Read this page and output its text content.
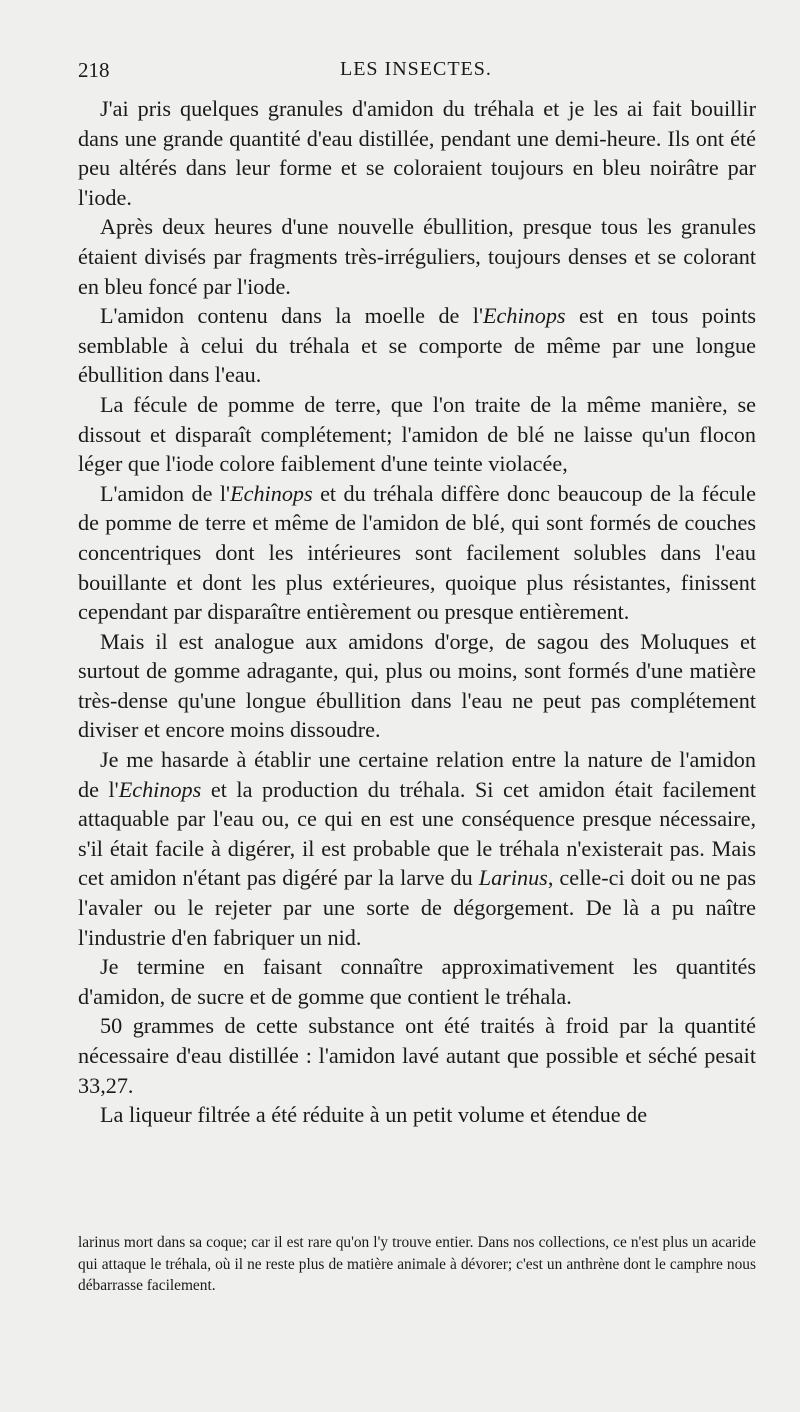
218	LES INSECTES.

J'ai pris quelques granules d'amidon du tréhala et je les ai fait bouillir dans une grande quantité d'eau distillée, pendant une demi-heure. Ils ont été peu altérés dans leur forme et se coloraient toujours en bleu noirâtre par l'iode.

Après deux heures d'une nouvelle ébullition, presque tous les granules étaient divisés par fragments très-irréguliers, toujours denses et se colorant en bleu foncé par l'iode.

L'amidon contenu dans la moelle de l'Echinops est en tous points semblable à celui du tréhala et se comporte de même par une longue ébullition dans l'eau.

La fécule de pomme de terre, que l'on traite de la même manière, se dissout et disparaît complétement; l'amidon de blé ne laisse qu'un flocon léger que l'iode colore faiblement d'une teinte violacée,

L'amidon de l'Echinops et du tréhala diffère donc beaucoup de la fécule de pomme de terre et même de l'amidon de blé, qui sont formés de couches concentriques dont les intérieures sont facilement solubles dans l'eau bouillante et dont les plus extérieures, quoique plus résistantes, finissent cependant par disparaître entièrement ou presque entièrement.

Mais il est analogue aux amidons d'orge, de sagou des Moluques et surtout de gomme adragante, qui, plus ou moins, sont formés d'une matière très-dense qu'une longue ébullition dans l'eau ne peut pas complétement diviser et encore moins dissoudre.

Je me hasarde à établir une certaine relation entre la nature de l'amidon de l'Echinops et la production du tréhala. Si cet amidon était facilement attaquable par l'eau ou, ce qui en est une conséquence presque nécessaire, s'il était facile à digérer, il est probable que le tréhala n'existerait pas. Mais cet amidon n'étant pas digéré par la larve du Larinus, celle-ci doit ou ne pas l'avaler ou le rejeter par une sorte de dégorgement. De là a pu naître l'industrie d'en fabriquer un nid.

Je termine en faisant connaître approximativement les quantités d'amidon, de sucre et de gomme que contient le tréhala.

50 grammes de cette substance ont été traités à froid par la quantité nécessaire d'eau distillée : l'amidon lavé autant que possible et séché pesait 33,27.

La liqueur filtrée a été réduite à un petit volume et étendue de

larinus mort dans sa coque; car il est rare qu'on l'y trouve entier. Dans nos collections, ce n'est plus un acaride qui attaque le tréhala, où il ne reste plus de matière animale à dévorer; c'est un anthrène dont le camphre nous débarrasse facilement.
